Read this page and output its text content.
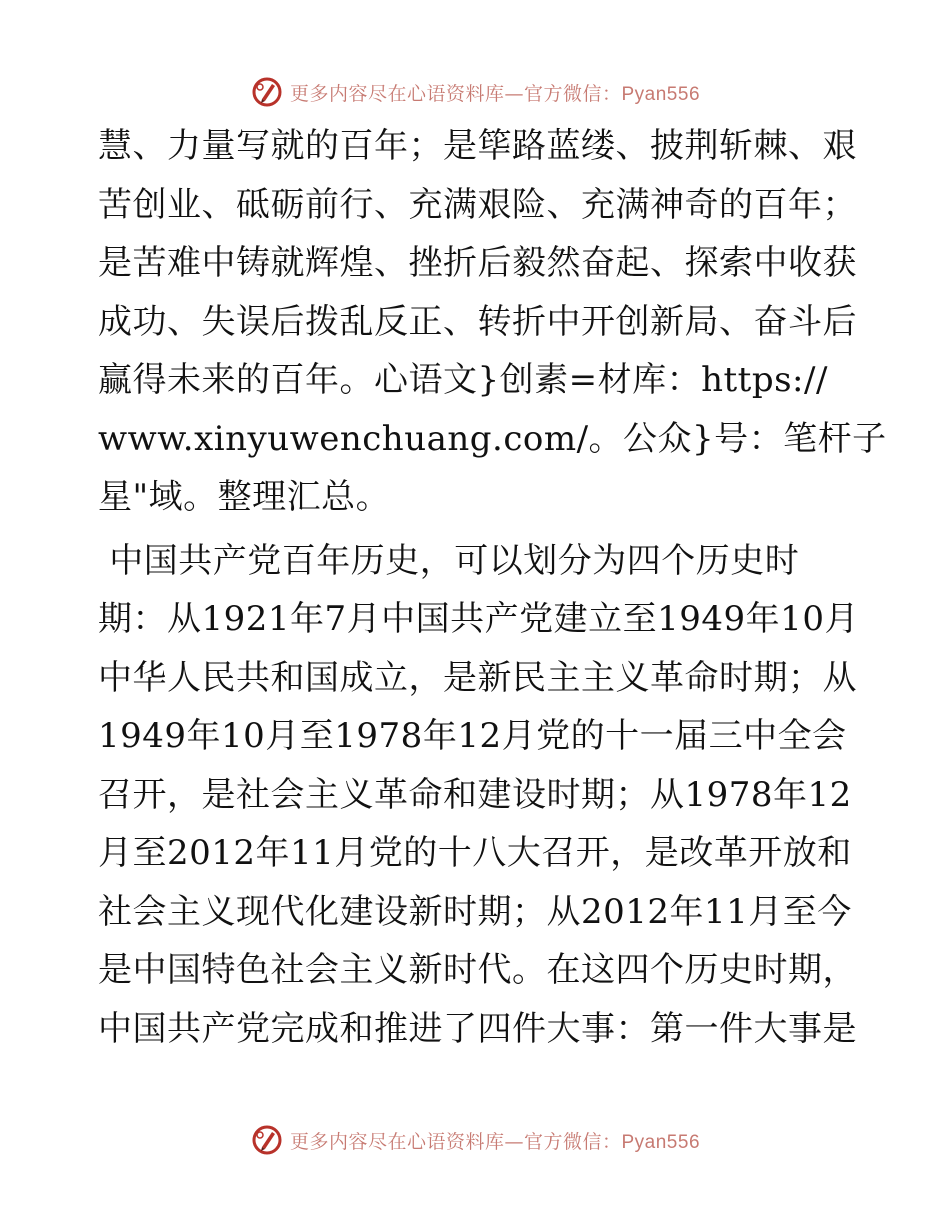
更多内容尽在心语资料库—官方微信：Pyan556
慧、力量写就的百年；是筚路蓝缕、披荆斩棘、艰
苦创业、砥砺前行、充满艰险、充满神奇的百年；
是苦难中铸就辉煌、挫折后毅然奋起、探索中收获
成功、失误后拨乱反正、转折中开创新局、奋斗后
赢得未来的百年。心语文}创素=材库：https://
www.xinyuwenchuang.com/。公众}号：笔杆子
星"域。整理汇总。
中国共产党百年历史，可以划分为四个历史时
期：从1921年7月中国共产党建立至1949年10月
中华人民共和国成立，是新民主主义革命时期；从
1949年10月至1978年12月党的十一届三中全会
召开，是社会主义革命和建设时期；从1978年12
月至2012年11月党的十八大召开，是改革开放和
社会主义现代化建设新时期；从2012年11月至今
是中国特色社会主义新时代。在这四个历史时期，
中国共产党完成和推进了四件大事：第一件大事是
更多内容尽在心语资料库—官方微信：Pyan556
